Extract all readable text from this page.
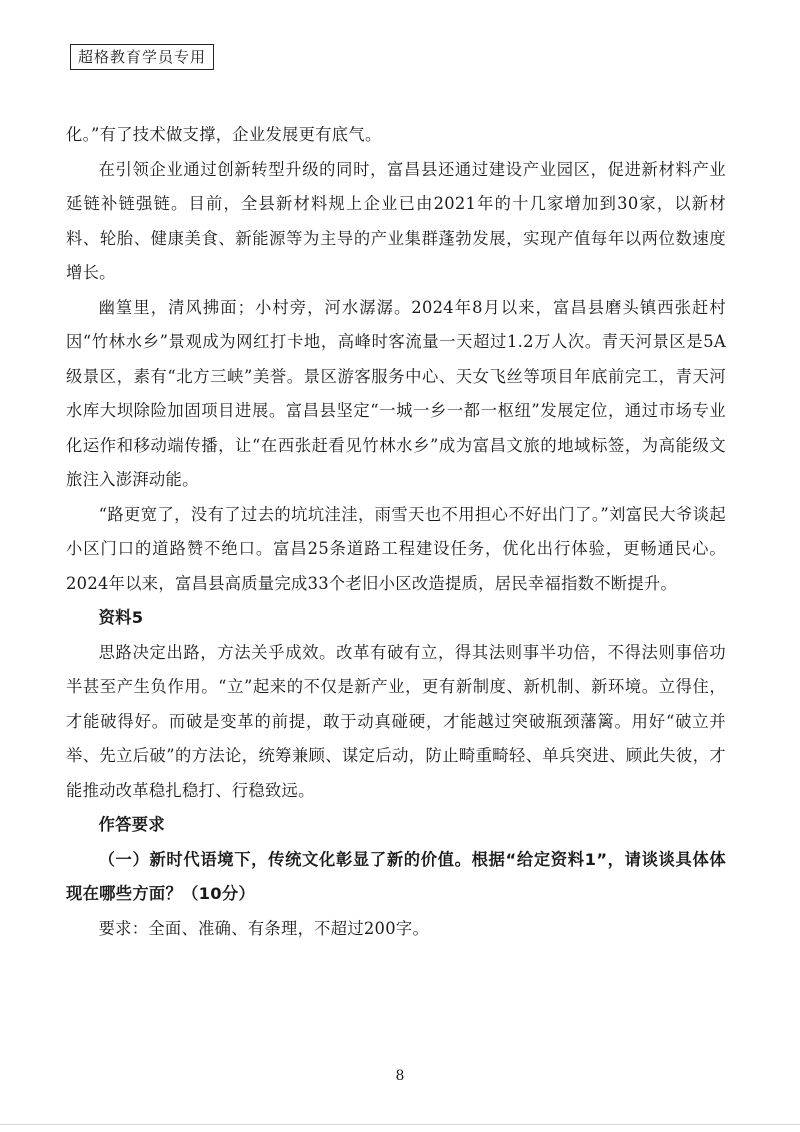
超格教育学员专用

化。”有了技术做支撑，企业发展更有底气。

在引领企业通过创新转型升级的同时，富昌县还通过建设产业园区，促进新材料产业延链补链强链。目前，全县新材料规上企业已由2021年的十几家增加到30家，以新材料、轮胎、健康美食、新能源等为主导的产业集群蓬勃发展，实现产值每年以两位数速度增长。

幽篁里，清风拂面；小村旁，河水潺潺。2024年8月以来，富昌县磨头镇西张赶村因“竹林水乡”景观成为网红打卡地，高峰时客流量一天超过1.2万人次。青天河景区是5A级景区，素有“北方三峡”美誉。景区游客服务中心、天女飞丝等项目年底前完工，青天河水库大坝除险加固项目进展。富昌县坚定“一城一乡一都一枢纽”发展定位，通过市场专业化运作和移动端传播，让“在西张赶看见竹林水乡”成为富昌文旅的地域标签，为高能级文旅注入澎湃动能。

“路更宽了，没有了过去的坑坑洼洼，雨雪天也不用担心不好出门了。”刘富民大爷谈起小区门口的道路赞不绝口。富昌25条道路工程建设任务，优化出行体验，更畅通民心。2024年以来，富昌县高质量完成33个老旧小区改造提质，居民幸福指数不断提升。

资料5

思路决定出路，方法关乎成效。改革有破有立，得其法则事半功倍，不得法则事倍功半甚至产生负作用。“立”起来的不仅是新产业，更有新制度、新机制、新环境。立得住，才能破得好。而破是变革的前提，敢于动真碰硬，才能越过突破瓶颈藩篱。用好“破立并举、先立后破”的方法论，统筹兼顾、谋定后动，防止畸重畸轻、单兵突进、顾此失彼，才能推动改革稳扎稳打、行稳致远。

作答要求

（一）新时代语境下，传统文化彰显了新的价值。根据“给定资料1”，请谈谈具体体现在哪些方面？（10分）

要求：全面、准确、有条理，不超过200字。

8
